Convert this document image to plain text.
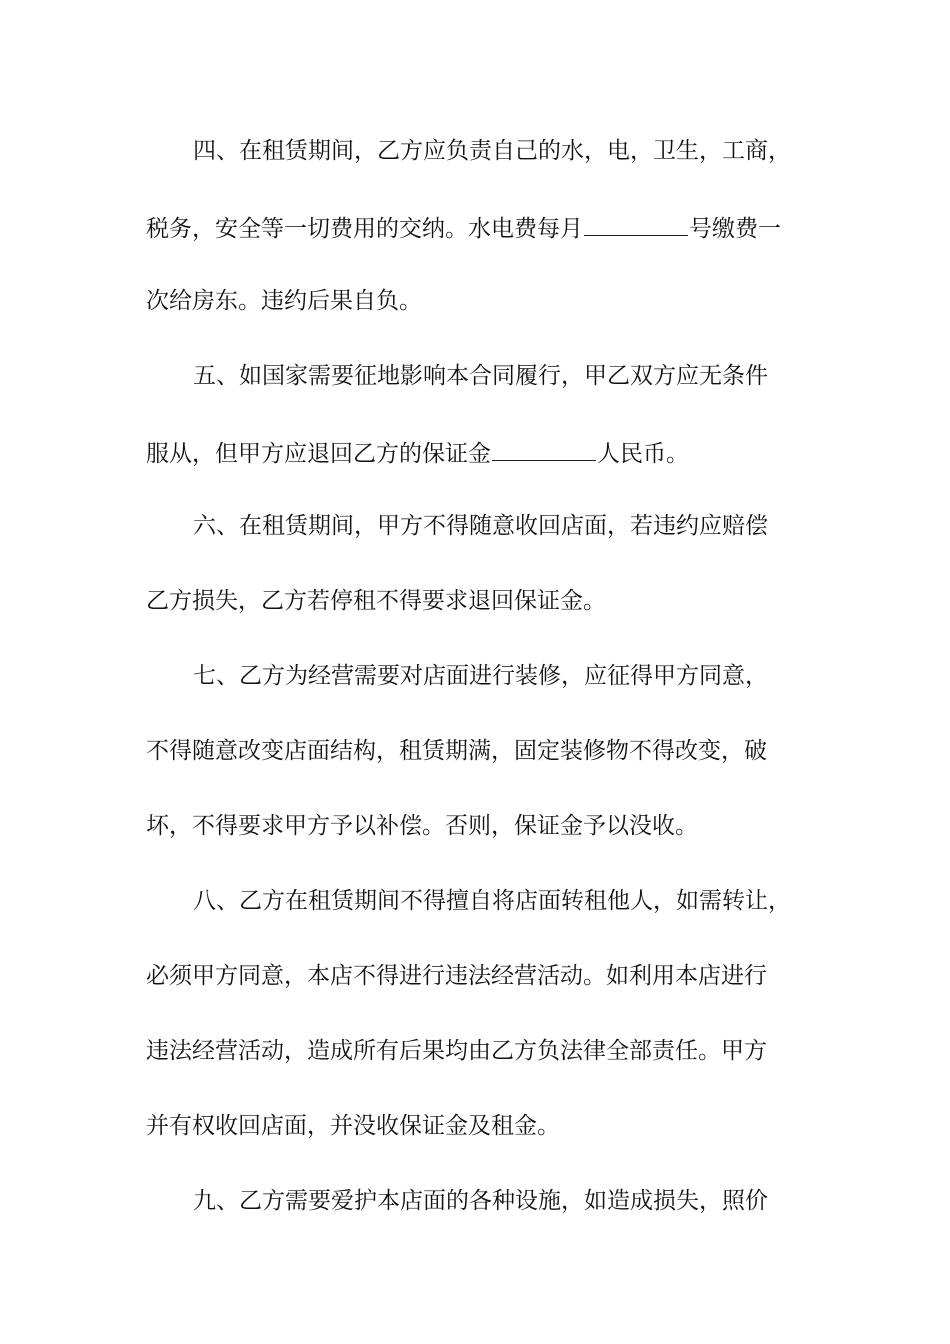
四、在租赁期间，乙方应负责自己的水，电，卫生，工商，
税务，安全等一切费用的交纳。水电费每月	号缴费一
次给房东。违约后果自负。
五、如国家需要征地影响本合同履行，甲乙双方应无条件
服从，但甲方应退回乙方的保证金	人民币。
六、在租赁期间，甲方不得随意收回店面，若违约应赔偿
乙方损失，乙方若停租不得要求退回保证金。
七、乙方为经营需要对店面进行装修，应征得甲方同意，
不得随意改变店面结构，租赁期满，固定装修物不得改变，破
坏，不得要求甲方予以补偿。否则，保证金予以没收。
八、乙方在租赁期间不得擅自将店面转租他人，如需转让，
必须甲方同意，本店不得进行违法经营活动。如利用本店进行
违法经营活动，造成所有后果均由乙方负法律全部责任。甲方
并有权收回店面，并没收保证金及租金。
九、乙方需要爱护本店面的各种设施，如造成损失，照价
